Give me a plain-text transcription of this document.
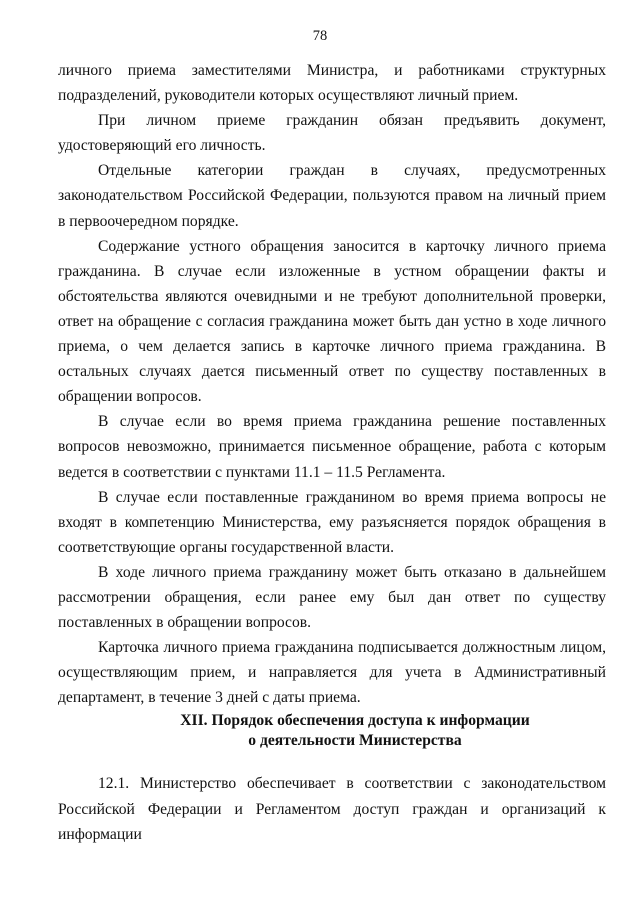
78

личного приема заместителями Министра, и работниками структурных подразделений, руководители которых осуществляют личный прием.

При личном приеме гражданин обязан предъявить документ, удостоверяющий его личность.

Отдельные категории граждан в случаях, предусмотренных законодательством Российской Федерации, пользуются правом на личный прием в первоочередном порядке.

Содержание устного обращения заносится в карточку личного приема гражданина. В случае если изложенные в устном обращении факты и обстоятельства являются очевидными и не требуют дополнительной проверки, ответ на обращение с согласия гражданина может быть дан устно в ходе личного приема, о чем делается запись в карточке личного приема гражданина. В остальных случаях дается письменный ответ по существу поставленных в обращении вопросов.

В случае если во время приема гражданина решение поставленных вопросов невозможно, принимается письменное обращение, работа с которым ведется в соответствии с пунктами 11.1 – 11.5 Регламента.

В случае если поставленные гражданином во время приема вопросы не входят в компетенцию Министерства, ему разъясняется порядок обращения в соответствующие органы государственной власти.

В ходе личного приема гражданину может быть отказано в дальнейшем рассмотрении обращения, если ранее ему был дан ответ по существу поставленных в обращении вопросов.

Карточка личного приема гражданина подписывается должностным лицом, осуществляющим прием, и направляется для учета в Административный департамент, в течение 3 дней с даты приема.

XII. Порядок обеспечения доступа к информации
о деятельности Министерства

12.1. Министерство обеспечивает в соответствии с законодательством Российской Федерации и Регламентом доступ граждан и организаций к информации
